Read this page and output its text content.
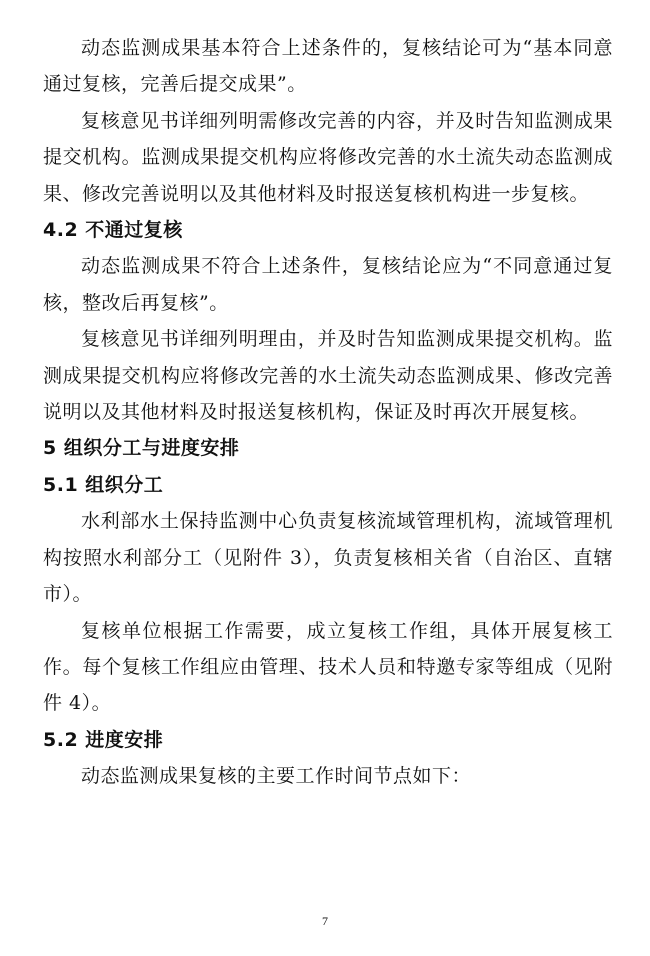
动态监测成果基本符合上述条件的，复核结论可为“基本同意通过复核，完善后提交成果”。

复核意见书详细列明需修改完善的内容，并及时告知监测成果提交机构。监测成果提交机构应将修改完善的水土流失动态监测成果、修改完善说明以及其他材料及时报送复核机构进一步复核。

4.2 不通过复核

动态监测成果不符合上述条件，复核结论应为“不同意通过复核，整改后再复核”。

复核意见书详细列明理由，并及时告知监测成果提交机构。监测成果提交机构应将修改完善的水土流失动态监测成果、修改完善说明以及其他材料及时报送复核机构，保证及时再次开展复核。

5 组织分工与进度安排
5.1 组织分工

水利部水土保持监测中心负责复核流域管理机构，流域管理机构按照水利部分工（见附件 3），负责复核相关省（自治区、直辖市）。

复核单位根据工作需要，成立复核工作组，具体开展复核工作。每个复核工作组应由管理、技术人员和特邀专家等组成（见附件 4）。

5.2 进度安排

动态监测成果复核的主要工作时间节点如下：

7
